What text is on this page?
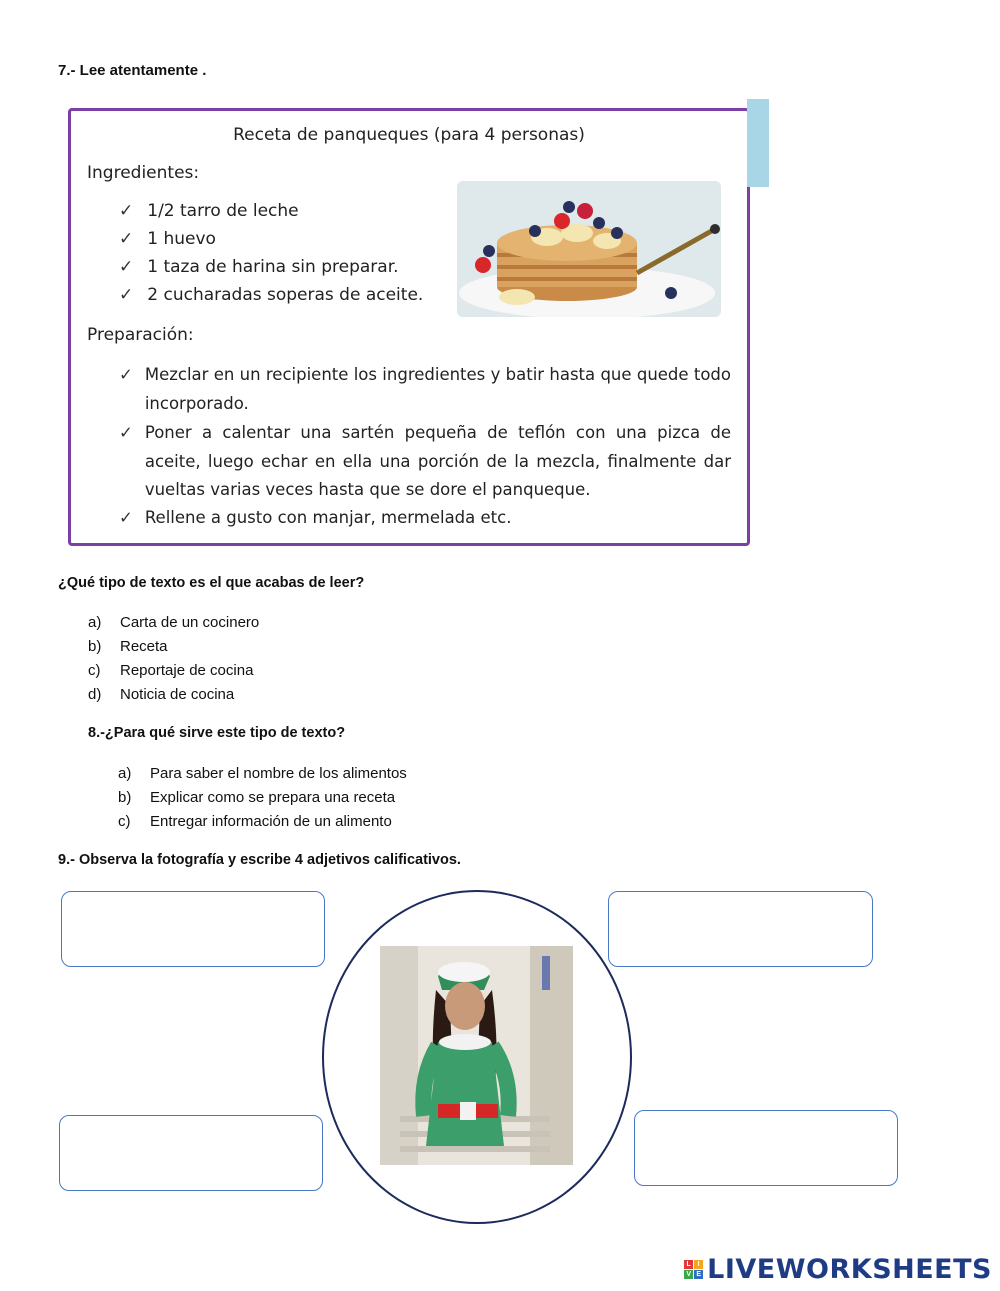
7.- Lee atentamente .
Receta de panqueques (para 4 personas)
Ingredientes:
✓ 1/2 tarro de leche
✓ 1 huevo
✓ 1 taza de harina sin preparar.
✓ 2 cucharadas soperas de aceite.
Preparación:
✓ Mezclar en un recipiente los ingredientes y batir hasta que quede todo incorporado.
✓ Poner a calentar una sartén pequeña de teflón con una pizca de aceite, luego echar en ella una porción de la mezcla, finalmente dar vueltas varias veces hasta que se dore el panqueque.
✓ Rellene a gusto con manjar, mermelada etc.
¿Qué tipo de texto es el que acabas de leer?
a)	Carta de un cocinero
b)	Receta
c)	Reportaje de cocina
d)	Noticia de cocina
8.-¿Para qué sirve este tipo de texto?
a)	Para saber el nombre de los alimentos
b)	Explicar como se prepara una receta
c)	Entregar información de un alimento
9.- Observa la fotografía y escribe 4 adjetivos calificativos.
L I
V E LIVEWORKSHEETS
